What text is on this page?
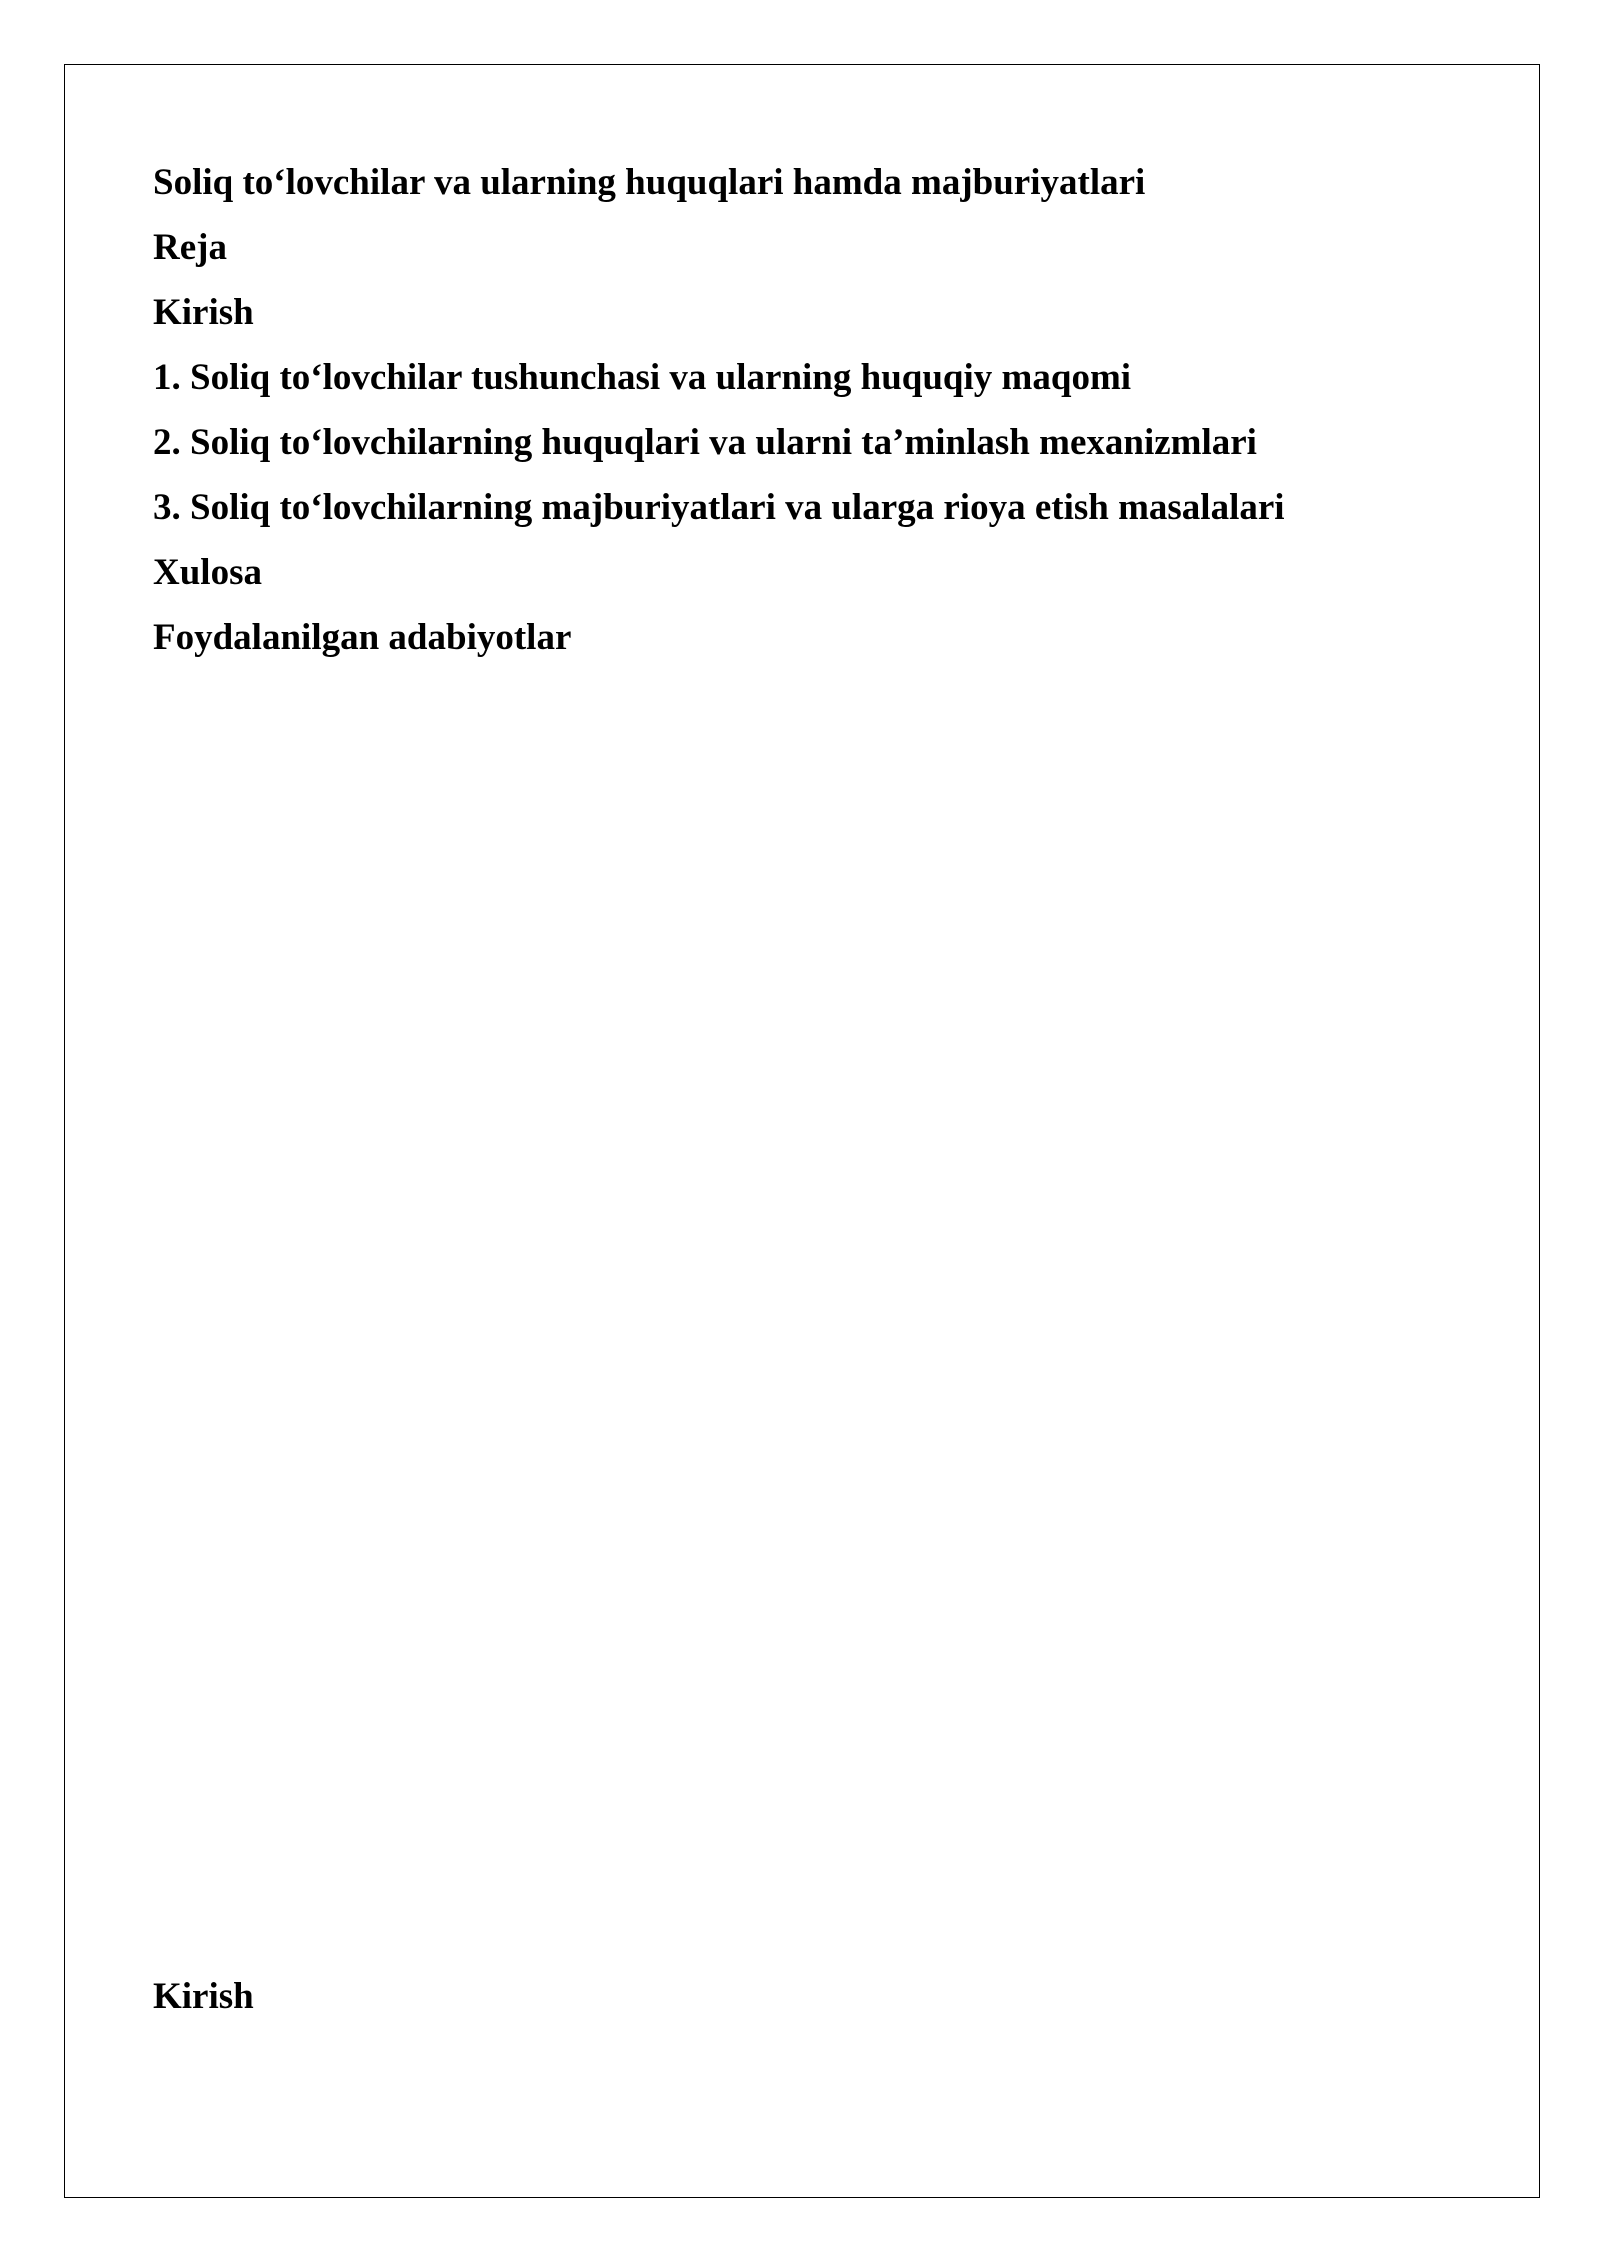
Soliq to‘lovchilar va ularning huquqlari hamda majburiyatlari

Reja

Kirish

1. Soliq to‘lovchilar tushunchasi va ularning huquqiy maqomi

2. Soliq to‘lovchilarning huquqlari va ularni ta’minlash mexanizmlari

3. Soliq to‘lovchilarning majburiyatlari va ularga rioya etish masalalari

Xulosa

Foydalanilgan adabiyotlar

Kirish
